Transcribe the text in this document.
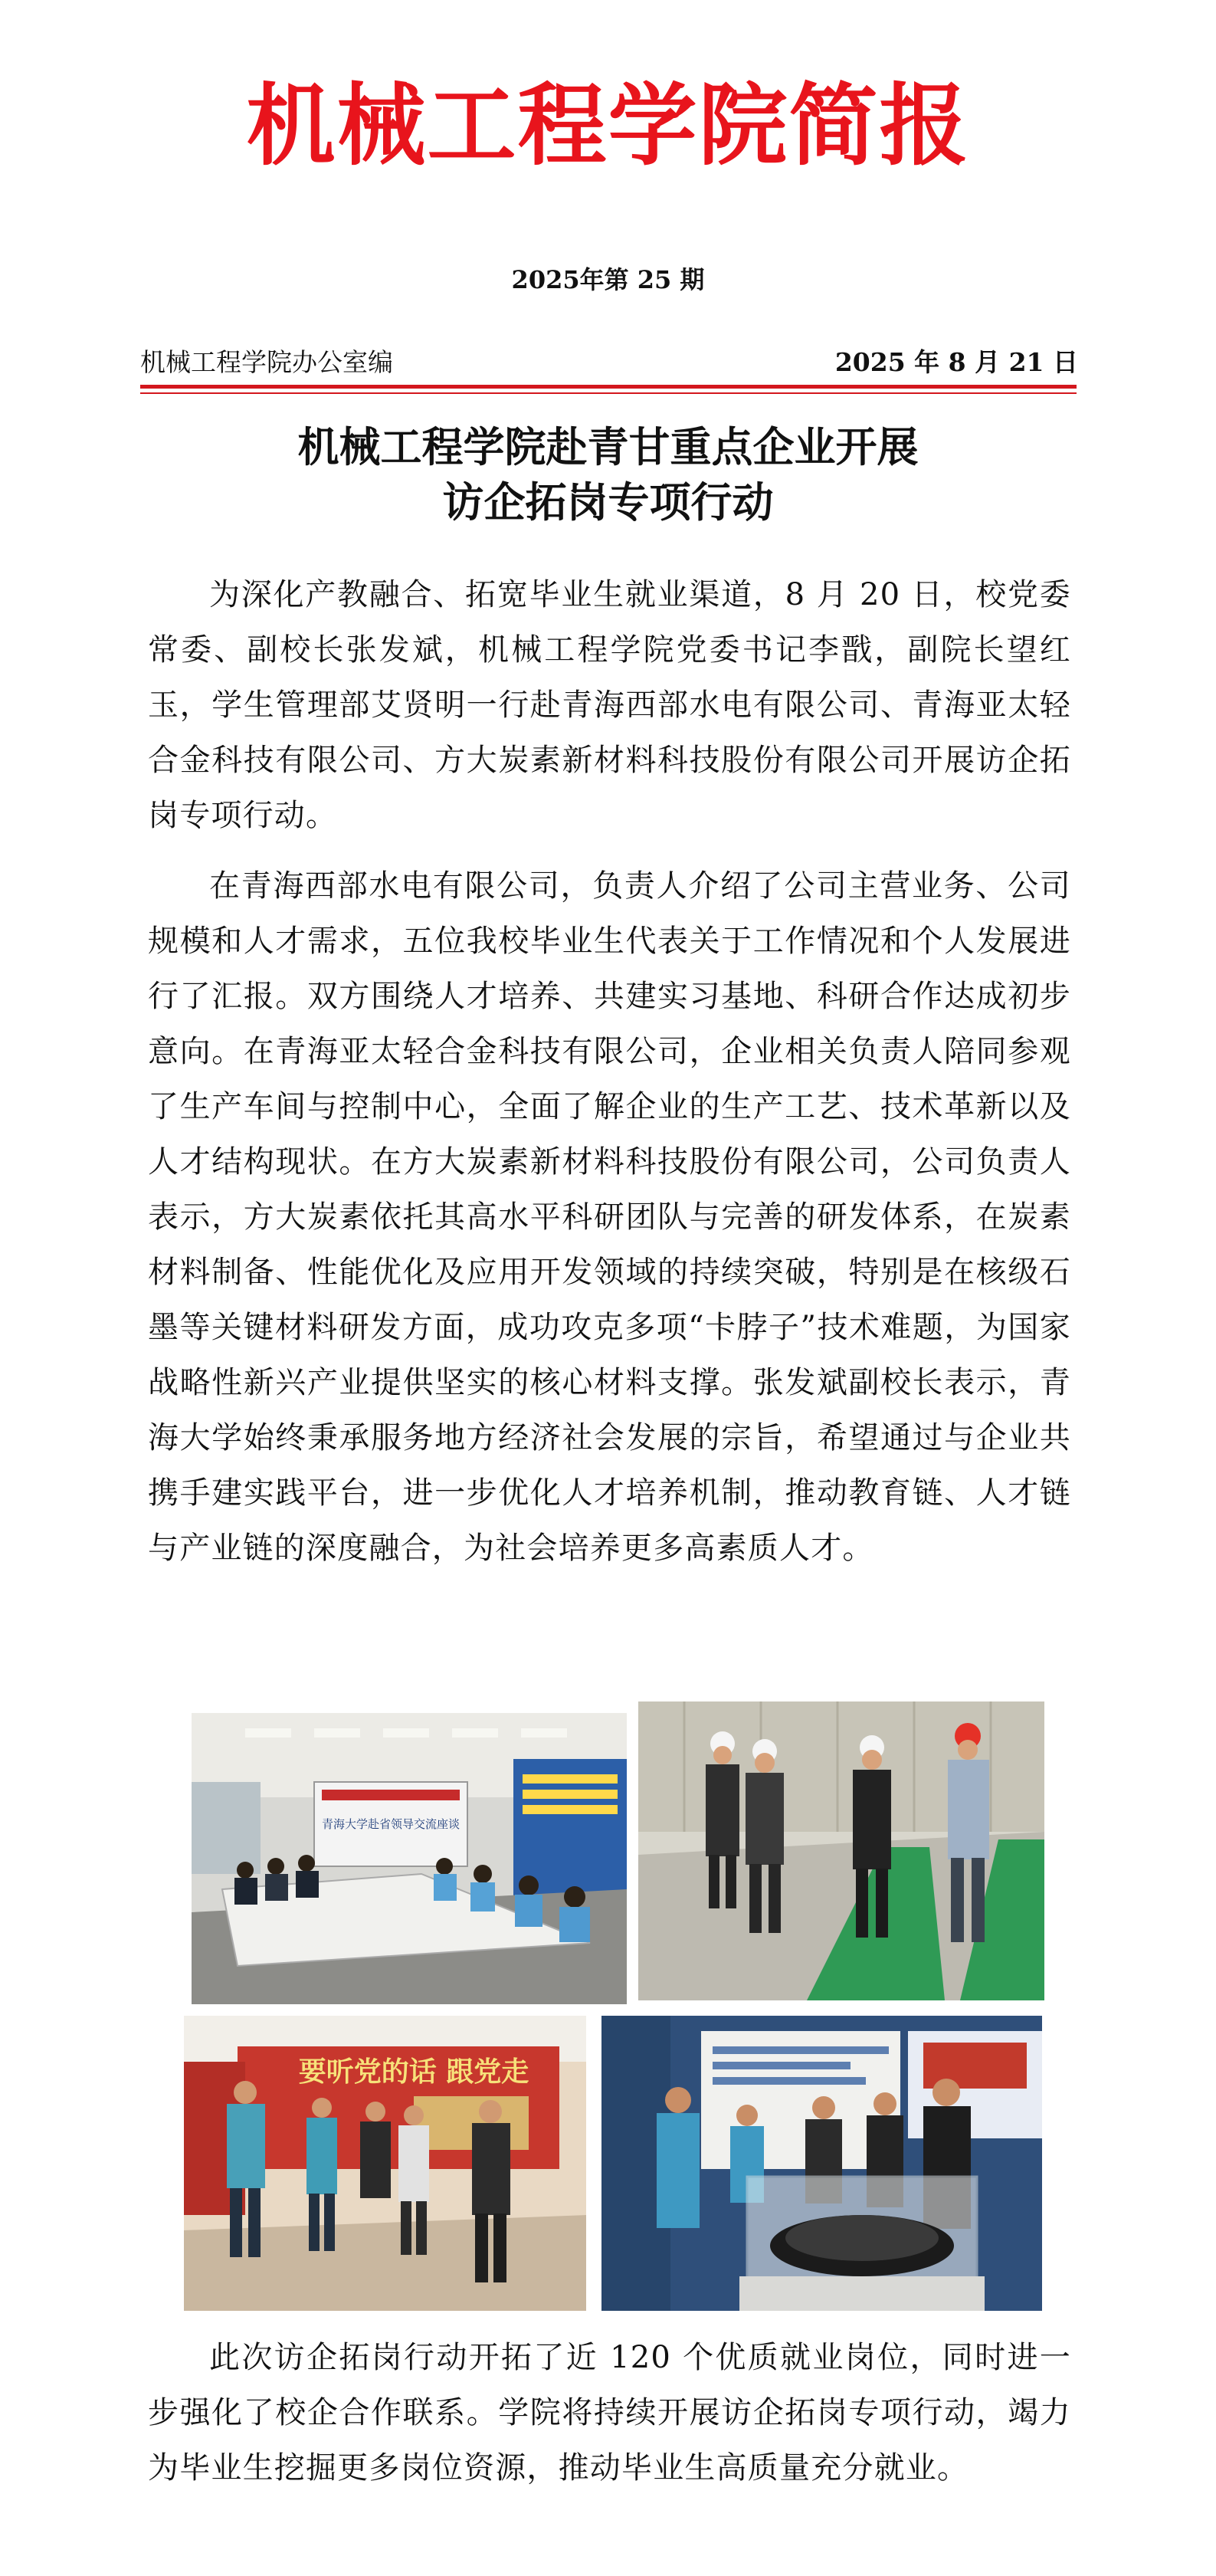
机械工程学院简报
2025年第 25 期
机械工程学院办公室编	2025 年 8 月 21 日
机械工程学院赴青甘重点企业开展
访企拓岗专项行动

为深化产教融合、拓宽毕业生就业渠道，8 月 20 日，校党委常委、副校长张发斌，机械工程学院党委书记李戬，副院长望红玉，学生管理部艾贤明一行赴青海西部水电有限公司、青海亚太轻合金科技有限公司、方大炭素新材料科技股份有限公司开展访企拓岗专项行动。

在青海西部水电有限公司，负责人介绍了公司主营业务、公司规模和人才需求，五位我校毕业生代表关于工作情况和个人发展进行了汇报。双方围绕人才培养、共建实习基地、科研合作达成初步意向。在青海亚太轻合金科技有限公司，企业相关负责人陪同参观了生产车间与控制中心，全面了解企业的生产工艺、技术革新以及人才结构现状。在方大炭素新材料科技股份有限公司，公司负责人表示，方大炭素依托其高水平科研团队与完善的研发体系，在炭素材料制备、性能优化及应用开发领域的持续突破，特别是在核级石墨等关键材料研发方面，成功攻克多项“卡脖子”技术难题，为国家战略性新兴产业提供坚实的核心材料支撑。张发斌副校长表示，青海大学始终秉承服务地方经济社会发展的宗旨，希望通过与企业共携手建实践平台，进一步优化人才培养机制，推动教育链、人才链与产业链的深度融合，为社会培养更多高素质人才。

青海大学赴省领导交流座谈
要听党的话 跟党走

此次访企拓岗行动开拓了近 120 个优质就业岗位，同时进一步强化了校企合作联系。学院将持续开展访企拓岗专项行动，竭力为毕业生挖掘更多岗位资源，推动毕业生高质量充分就业。
